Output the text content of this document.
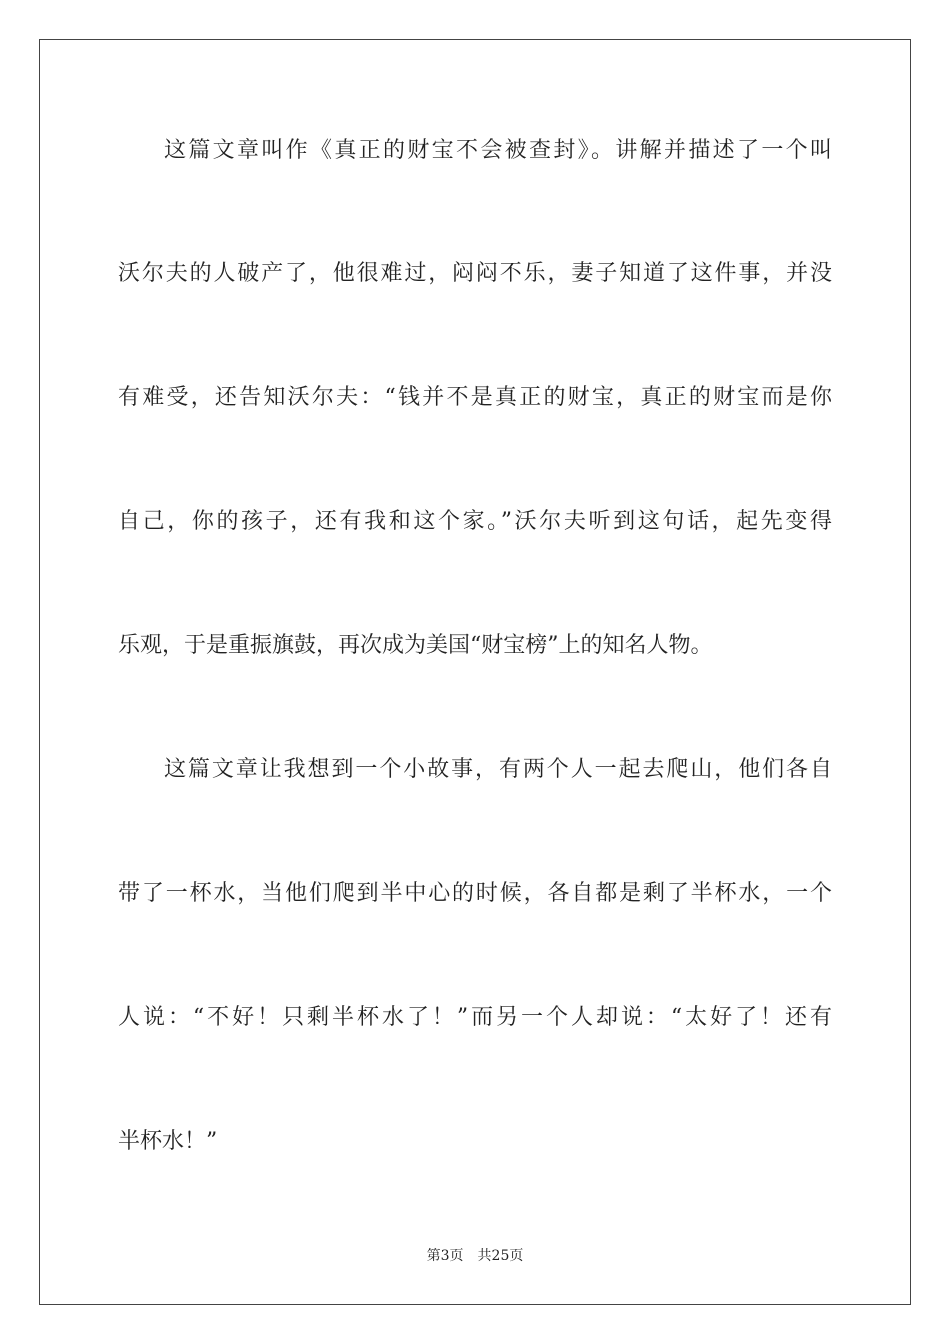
这篇文章叫作《真正的财宝不会被查封》。讲解并描述了一个叫
沃尔夫的人破产了，他很难过，闷闷不乐，妻子知道了这件事，并没
有难受，还告知沃尔夫：“钱并不是真正的财宝，真正的财宝而是你
自己，你的孩子，还有我和这个家。”沃尔夫听到这句话，起先变得
乐观，于是重振旗鼓，再次成为美国“财宝榜”上的知名人物。
这篇文章让我想到一个小故事，有两个人一起去爬山，他们各自
带了一杯水，当他们爬到半中心的时候，各自都是剩了半杯水，一个
人说：“不好！只剩半杯水了！”而另一个人却说：“太好了！还有
半杯水！”
第3页 共25页
